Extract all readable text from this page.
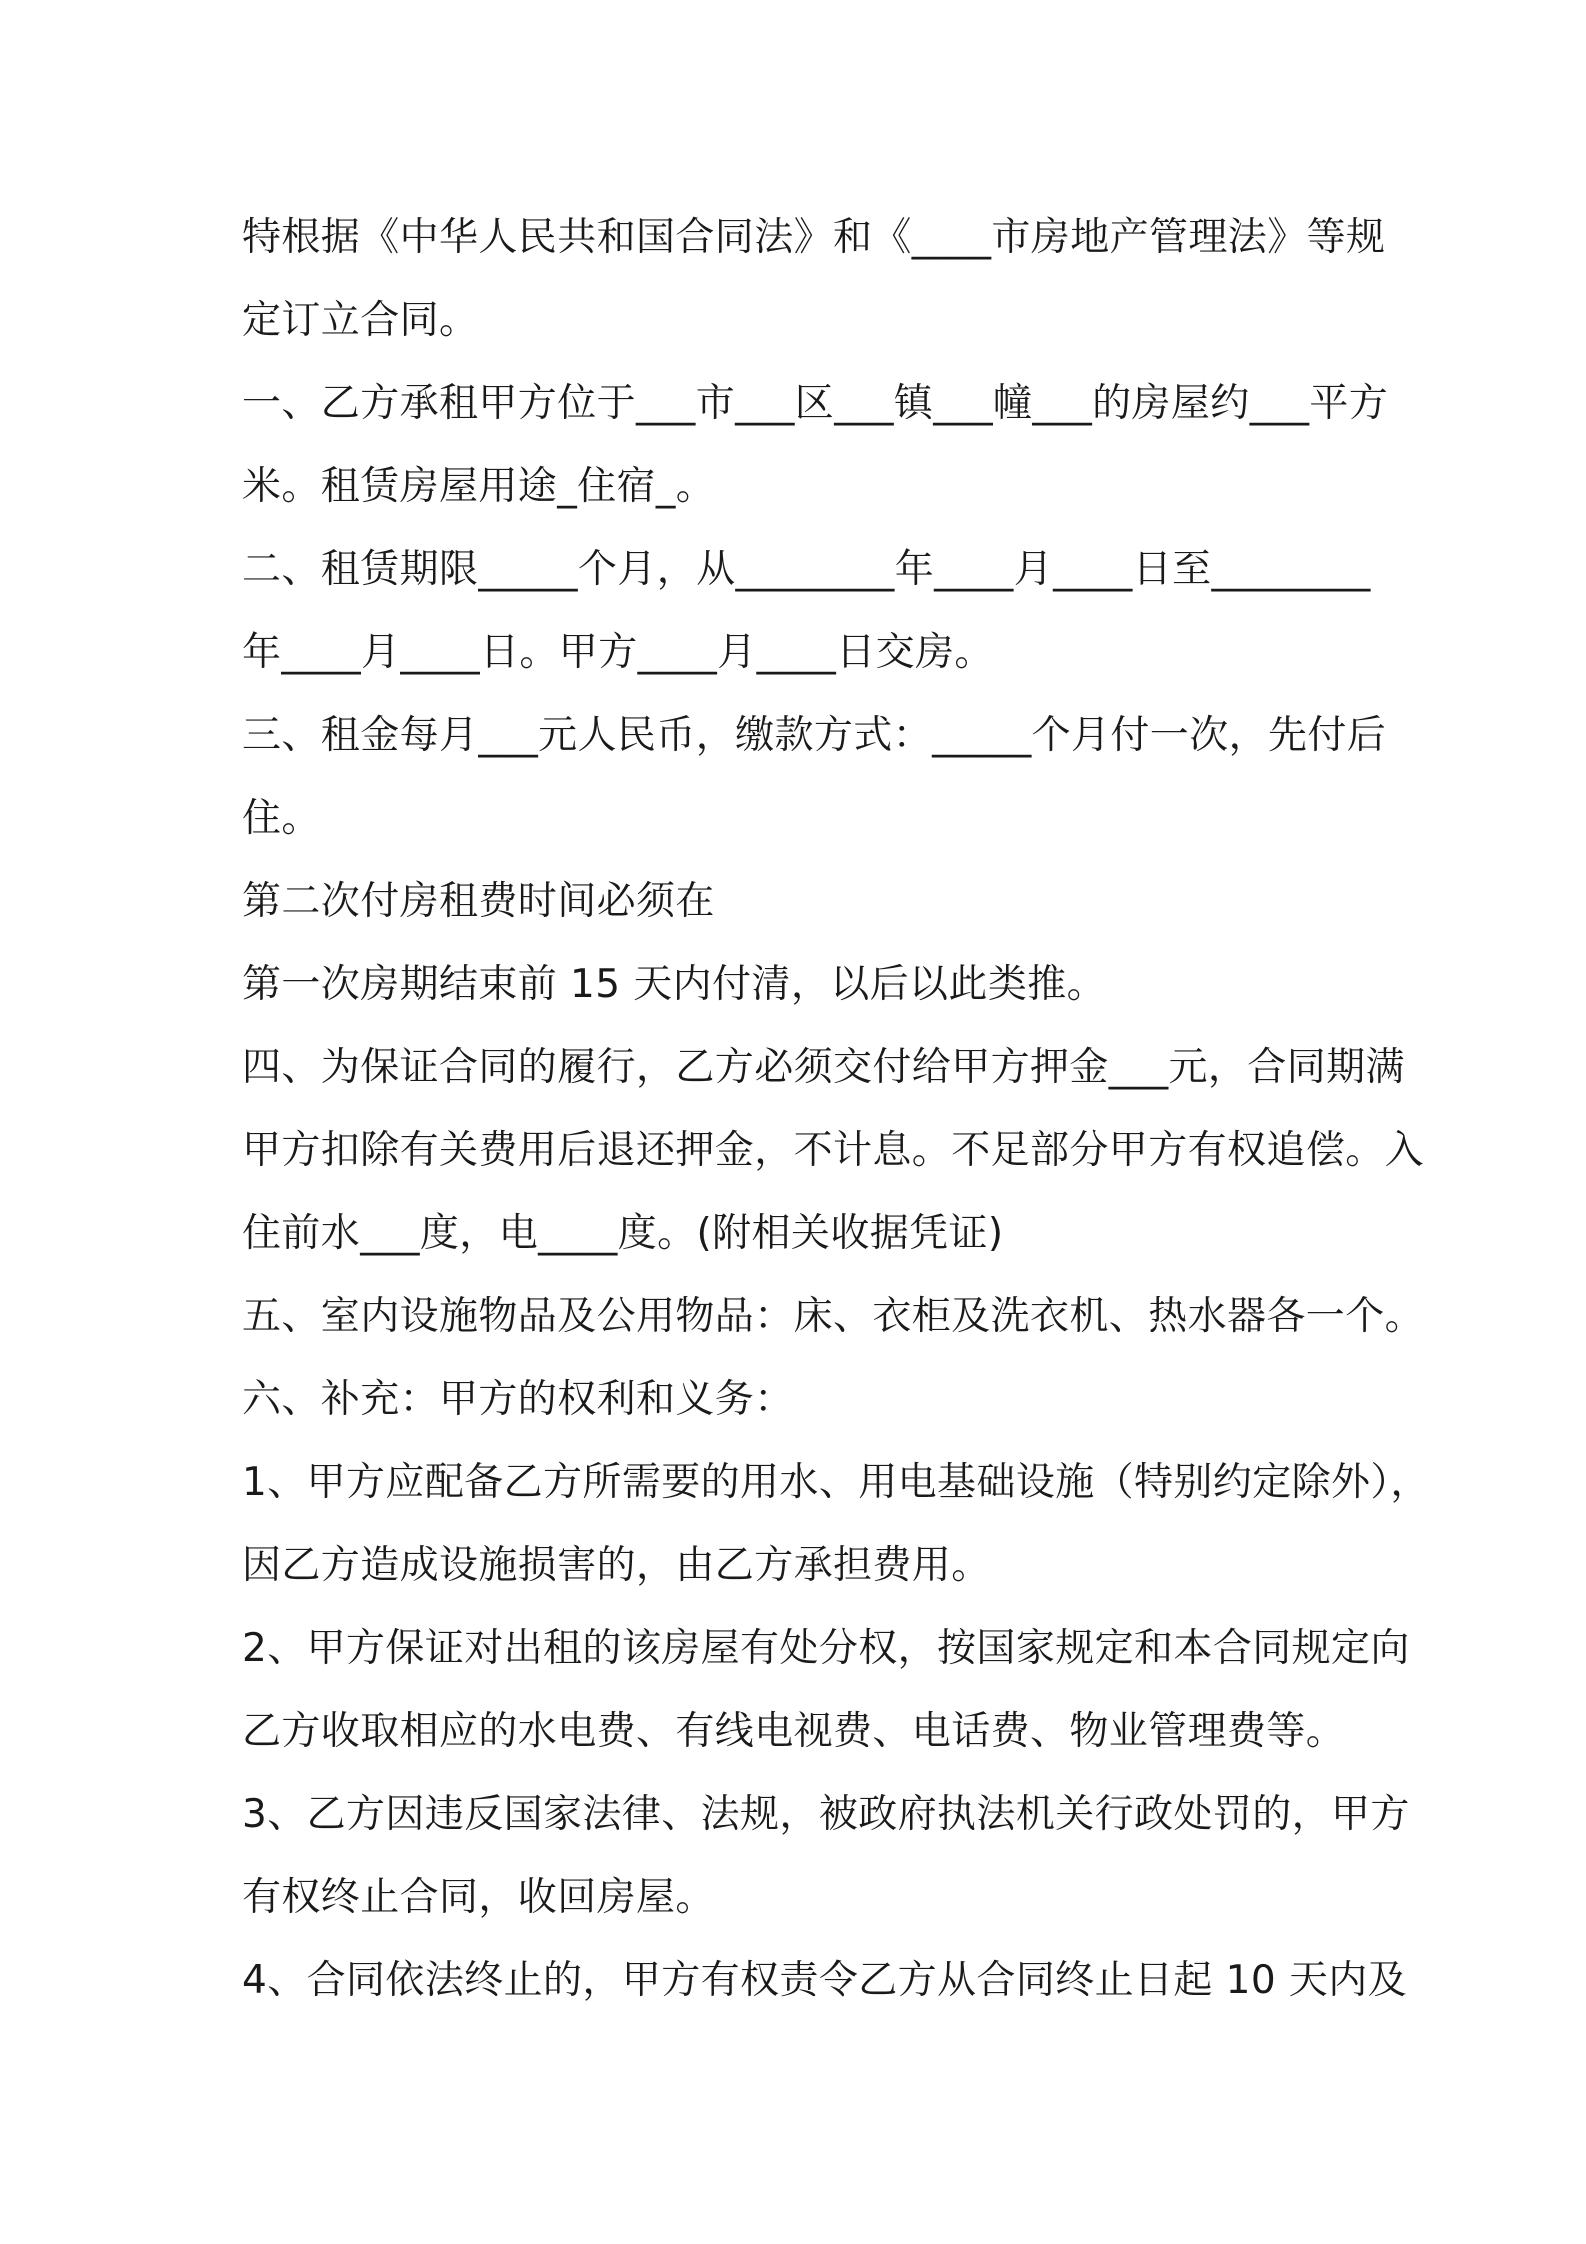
特根据《中华人民共和国合同法》和《____市房地产管理法》等规
定订立合同。
一、乙方承租甲方位于___市___区___镇___幢___的房屋约___平方
米。租赁房屋用途_住宿_。
二、租赁期限_____个月，从________年____月____日至________
年____月____日。甲方____月____日交房。
三、租金每月___元人民币，缴款方式：_____个月付一次，先付后
住。
第二次付房租费时间必须在
第一次房期结束前 15 天内付清，以后以此类推。
四、为保证合同的履行，乙方必须交付给甲方押金___元，合同期满
甲方扣除有关费用后退还押金，不计息。不足部分甲方有权追偿。入
住前水___度，电____度。(附相关收据凭证)
五、室内设施物品及公用物品：床、衣柜及洗衣机、热水器各一个。
六、补充：甲方的权利和义务：
1、甲方应配备乙方所需要的用水、用电基础设施（特别约定除外），
因乙方造成设施损害的，由乙方承担费用。
2、甲方保证对出租的该房屋有处分权，按国家规定和本合同规定向
乙方收取相应的水电费、有线电视费、电话费、物业管理费等。
3、乙方因违反国家法律、法规，被政府执法机关行政处罚的，甲方
有权终止合同，收回房屋。
4、合同依法终止的，甲方有权责令乙方从合同终止日起 10 天内及
